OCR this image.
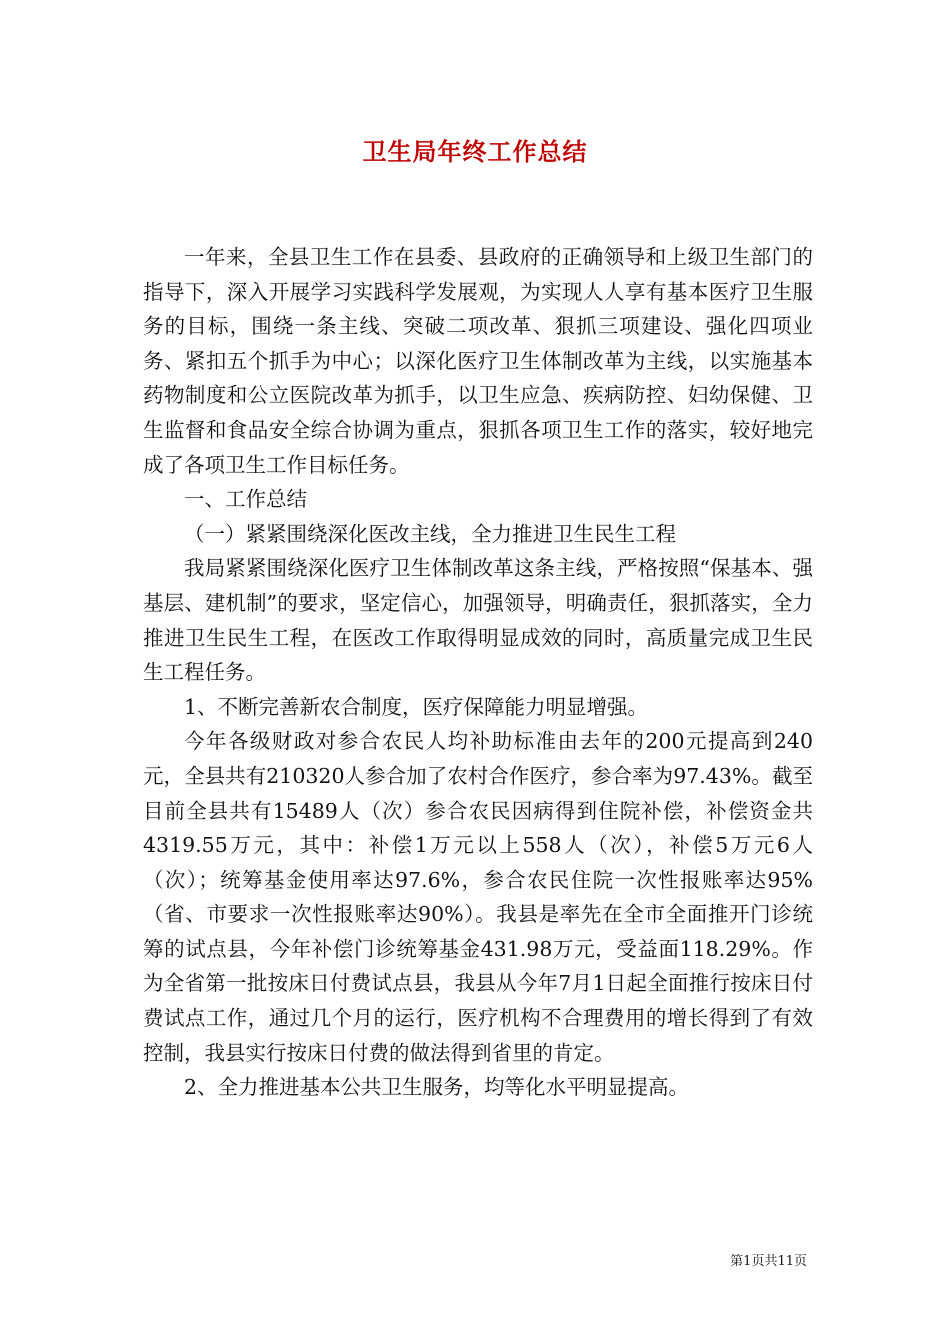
卫生局年终工作总结

一年来，全县卫生工作在县委、县政府的正确领导和上级卫生部门的指导下，深入开展学习实践科学发展观，为实现人人享有基本医疗卫生服务的目标，围绕一条主线、突破二项改革、狠抓三项建设、强化四项业务、紧扣五个抓手为中心；以深化医疗卫生体制改革为主线，以实施基本药物制度和公立医院改革为抓手，以卫生应急、疾病防控、妇幼保健、卫生监督和食品安全综合协调为重点，狠抓各项卫生工作的落实，较好地完成了各项卫生工作目标任务。

一、工作总结

（一）紧紧围绕深化医改主线，全力推进卫生民生工程

我局紧紧围绕深化医疗卫生体制改革这条主线，严格按照“保基本、强基层、建机制”的要求，坚定信心，加强领导，明确责任，狠抓落实，全力推进卫生民生工程，在医改工作取得明显成效的同时，高质量完成卫生民生工程任务。

1、不断完善新农合制度，医疗保障能力明显增强。

今年各级财政对参合农民人均补助标准由去年的200元提高到240元，全县共有210320人参合加了农村合作医疗，参合率为97.43%。截至目前全县共有15489人（次）参合农民因病得到住院补偿，补偿资金共4319.55万元，其中：补偿1万元以上558人（次），补偿5万元6人（次）；统筹基金使用率达97.6%，参合农民住院一次性报账率达95%（省、市要求一次性报账率达90%）。我县是率先在全市全面推开门诊统筹的试点县，今年补偿门诊统筹基金431.98万元，受益面118.29%。作为全省第一批按床日付费试点县，我县从今年7月1日起全面推行按床日付费试点工作，通过几个月的运行，医疗机构不合理费用的增长得到了有效控制，我县实行按床日付费的做法得到省里的肯定。

2、全力推进基本公共卫生服务，均等化水平明显提高。

第1页共11页
